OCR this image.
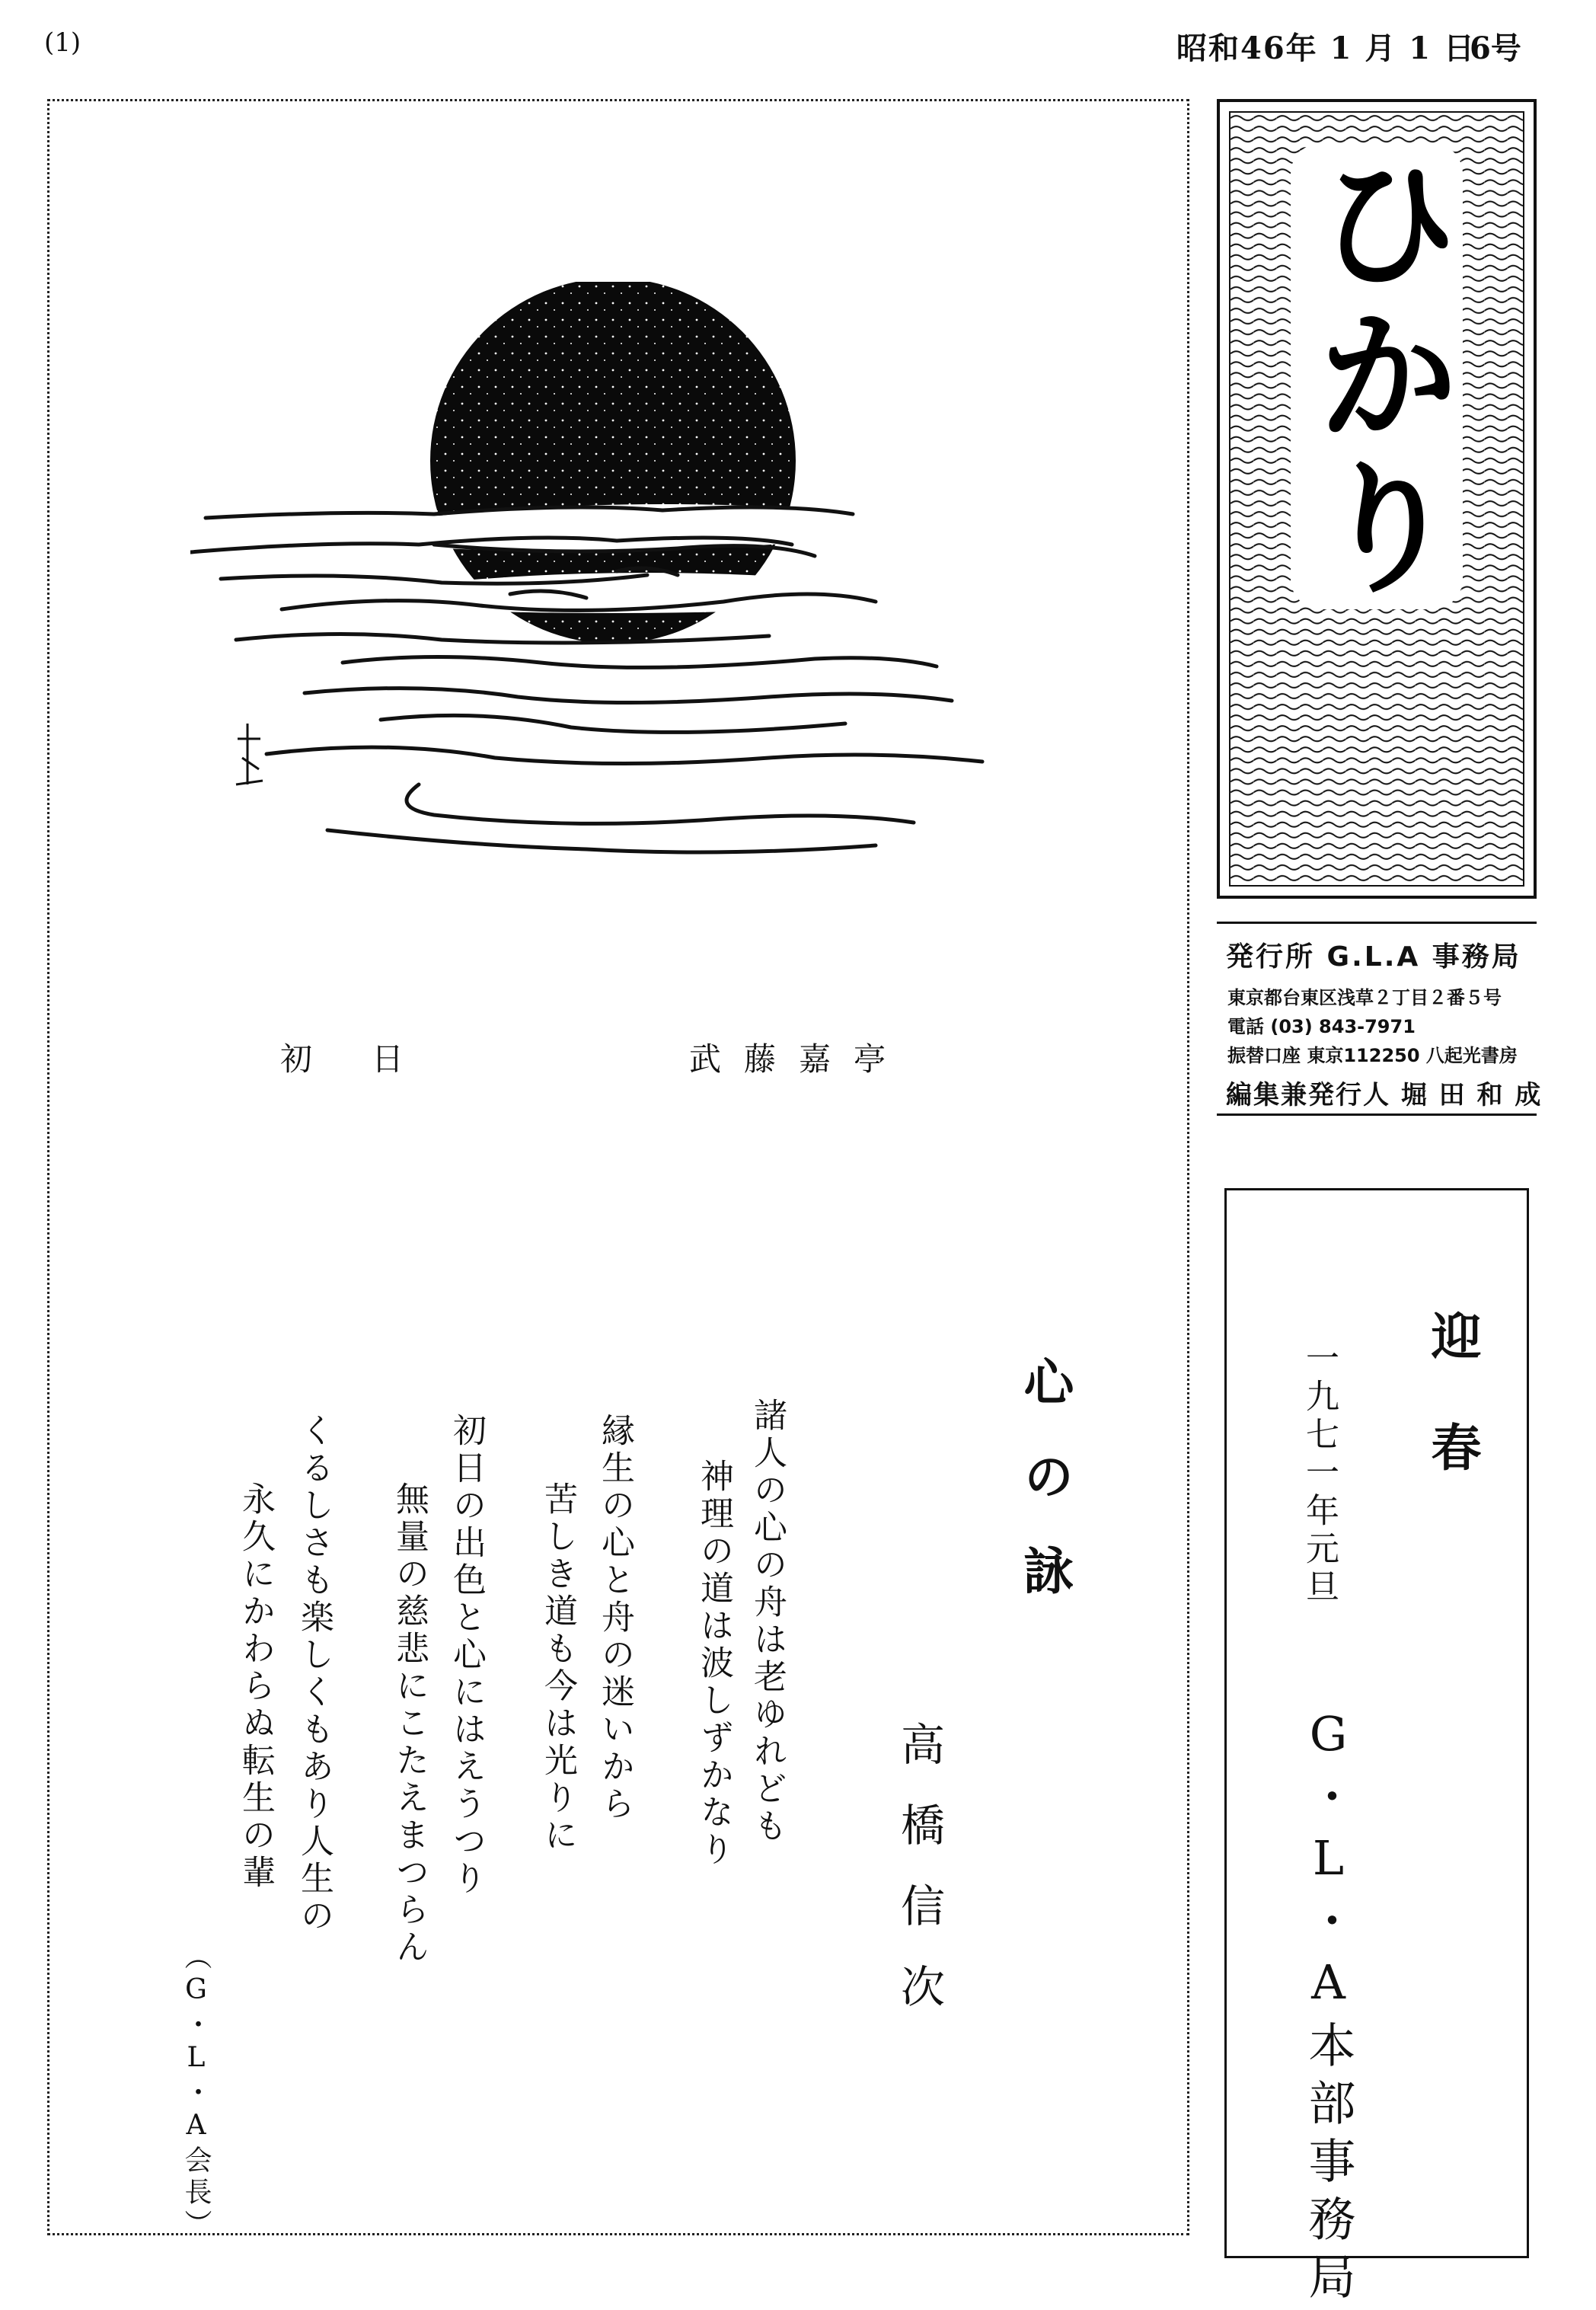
(1)	昭和46年 1 月 1 日
6号
初日	武藤嘉亭
心の詠
高橋信次
諸人の心の舟は老ゆれども
神理の道は波しずかなり
縁生の心と舟の迷いから
苦しき道も今は光りに
初日の出色と心にはえうつり
無量の慈悲にこたえまつらん
くるしさも楽しくもあり人生の
永久にかわらぬ転生の輩
（G・L・A会長）
ひかり
発行所 G.L.A 事務局
東京都台東区浅草２丁目２番５号
電話 (03) 843-7971
振替口座 東京112250 八起光書房
編集兼発行人 堀 田 和 成
迎春
一九七一年元旦
G・L・A本部事務局
